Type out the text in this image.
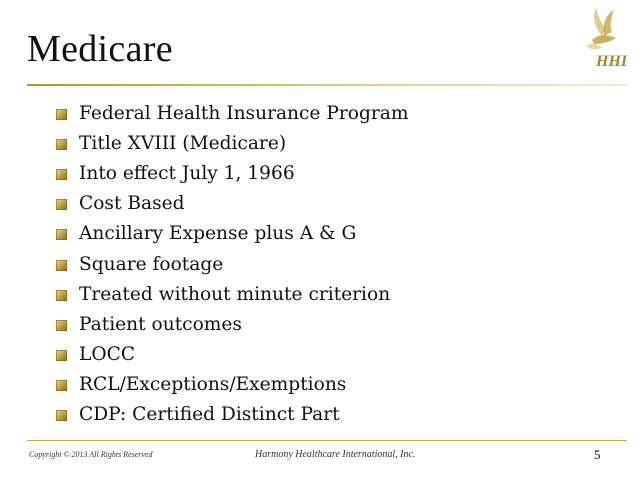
Medicare	HHI
Federal Health Insurance Program
Title XVIII (Medicare)
Into effect July 1, 1966
Cost Based
Ancillary Expense plus A & G
Square footage
Treated without minute criterion
Patient outcomes
LOCC
RCL/Exceptions/Exemptions
CDP: Certified Distinct Part
Copyright © 2013 All Rights Reserved	Harmony Healthcare International, Inc.	5
